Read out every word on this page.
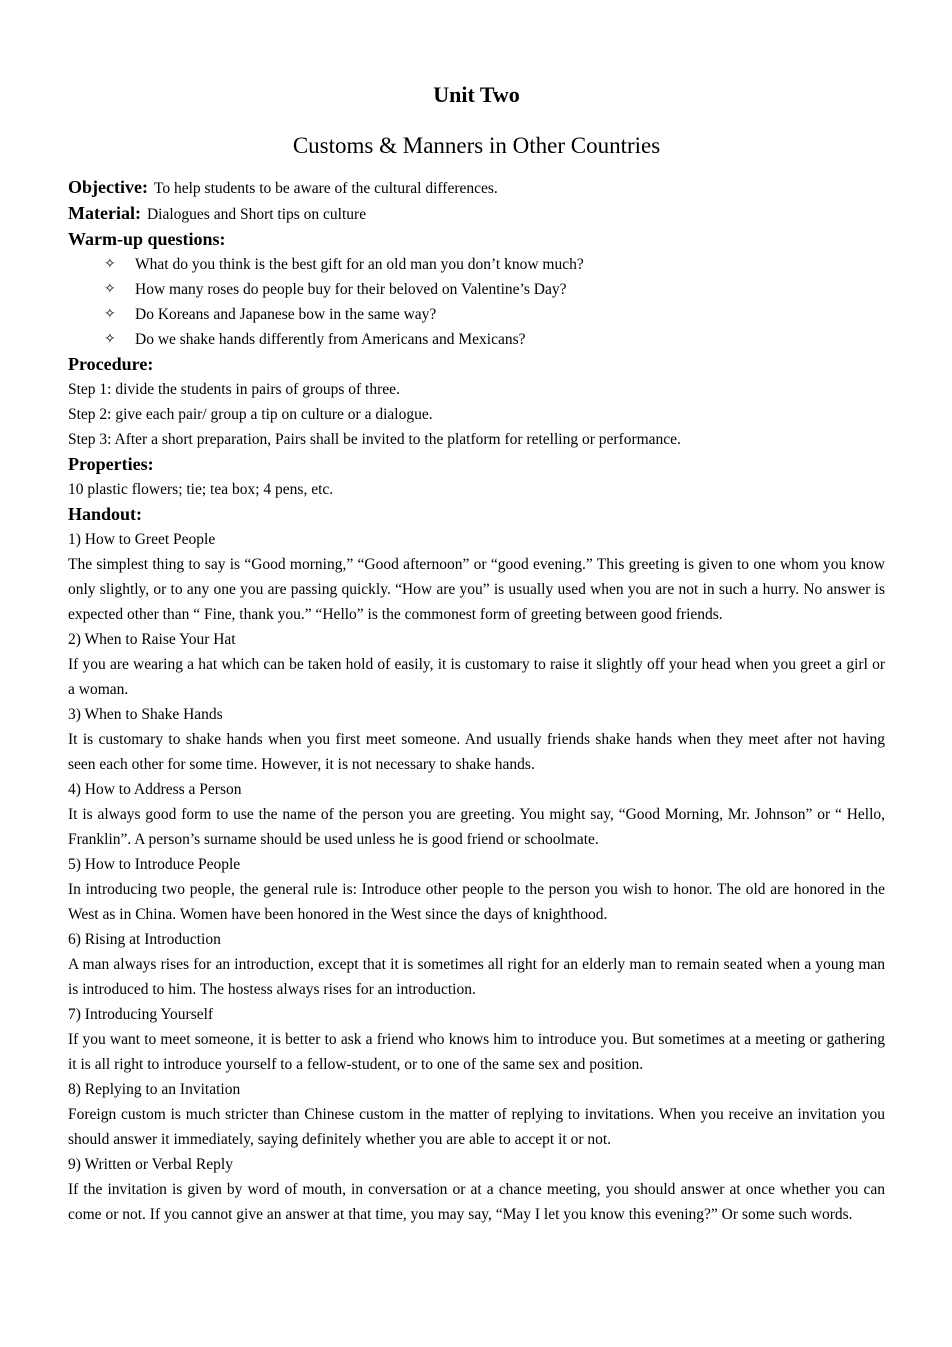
Unit Two
Customs & Manners in Other Countries
Objective: To help students to be aware of the cultural differences.
Material: Dialogues and Short tips on culture
Warm-up questions:
✧	What do you think is the best gift for an old man you don’t know much?
✧	How many roses do people buy for their beloved on Valentine’s Day?
✧	Do Koreans and Japanese bow in the same way?
✧	Do we shake hands differently from Americans and Mexicans?
Procedure:
Step 1: divide the students in pairs of groups of three.
Step 2: give each pair/ group a tip on culture or a dialogue.
Step 3: After a short preparation, Pairs shall be invited to the platform for retelling or performance.
Properties:
10 plastic flowers; tie; tea box; 4 pens, etc.
Handout:
1) How to Greet People
The simplest thing to say is “Good morning,” “Good afternoon” or “good evening.” This greeting is given to one whom you know only slightly, or to any one you are passing quickly. “How are you” is usually used when you are not in such a hurry. No answer is expected other than “ Fine, thank you.” “Hello” is the commonest form of greeting between good friends.
2) When to Raise Your Hat
If you are wearing a hat which can be taken hold of easily, it is customary to raise it slightly off your head when you greet a girl or a woman.
3) When to Shake Hands
It is customary to shake hands when you first meet someone. And usually friends shake hands when they meet after not having seen each other for some time. However, it is not necessary to shake hands.
4) How to Address a Person
It is always good form to use the name of the person you are greeting. You might say, “Good Morning, Mr. Johnson” or “ Hello, Franklin”. A person’s surname should be used unless he is good friend or schoolmate.
5) How to Introduce People
In introducing two people, the general rule is: Introduce other people to the person you wish to honor. The old are honored in the West as in China. Women have been honored in the West since the days of knighthood.
6) Rising at Introduction
A man always rises for an introduction, except that it is sometimes all right for an elderly man to remain seated when a young man is introduced to him. The hostess always rises for an introduction.
7) Introducing Yourself
If you want to meet someone, it is better to ask a friend who knows him to introduce you. But sometimes at a meeting or gathering it is all right to introduce yourself to a fellow-student, or to one of the same sex and position.
8) Replying to an Invitation
Foreign custom is much stricter than Chinese custom in the matter of replying to invitations. When you receive an invitation you should answer it immediately, saying definitely whether you are able to accept it or not.
9) Written or Verbal Reply
If the invitation is given by word of mouth, in conversation or at a chance meeting, you should answer at once whether you can come or not. If you cannot give an answer at that time, you may say, “May I let you know this evening?” Or some such words.
